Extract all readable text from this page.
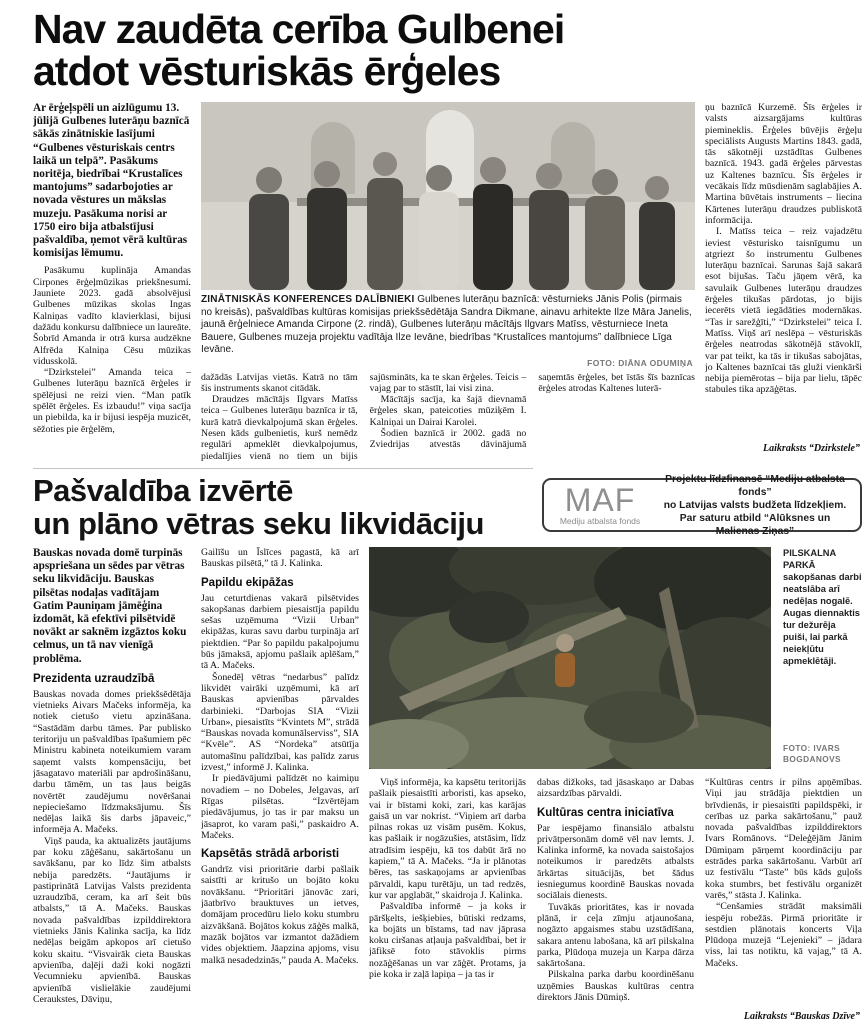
Nav zaudēta cerība Gulbenei
atdot vēsturiskās ērģeles

Ar ērģeļspēli un aizlūgumu 13. jūlijā Gulbenes luterāņu baznīcā sākās zinātniskie lasījumi “Gulbenes vēsturiskais centrs laikā un telpā”. Pasākums noritēja, biedrībai “Krustalīces mantojums” sadarbojoties ar novada vēstures un mākslas muzeju. Pasākuma norisi ar 1750 eiro bija atbalstījusi pašvaldība, ņemot vērā kultūras komisijas lēmumu.

Pasākumu kuplināja Amandas Cirpones ērģeļmūzikas priekšnesumi. Jauniete 2023. gadā absolvējusi Gulbenes mūzikas skolas Ingas Kalniņas vadīto klavierklasi, bijusi dažādu konkursu dalībniece un laureāte. Šobrīd Amanda ir otrā kursa audzēkne Alfrēda Kalniņa Cēsu mūzikas vidusskolā.

“Dzirkstelei” Amanda teica – Gulbenes luterāņu baznīcā ērģeles ir spēlējusi ne reizi vien. “Man patīk spēlēt ērģeles. Es izbaudu!” viņa sacīja un piebilda, ka ir bijusi iespēja muzicēt, sēžoties pie ērģelēm,

ZINĀTNISKĀS KONFERENCES DALĪBNIEKI Gulbenes luterāņu baznīcā: vēsturnieks Jānis Polis (pirmais no kreisās), pašvaldības kultūras komisijas priekšsēdētāja Sandra Dikmane, ainavu arhitekte Ilze Māra Janelis, jaunā ērģelniece Amanda Cirpone (2. rindā), Gulbenes luterāņu mācītājs Ilgvars Matīss, vēsturniece Ineta Bauere, Gulbenes muzeja projektu vadītāja Ilze Ievāne, biedrības “Krustalīces mantojums” dalībniece Līga Ievāne.
FOTO: DIĀNA ODUMIŅA

dažādās Latvijas vietās. Katrā no tām šis instruments skanot citādāk.

Draudzes mācītājs Ilgvars Matīss teica – Gulbenes luterāņu baznīca ir tā, kurā katrā dievkalpojumā skan ērģeles. Nesen kāds gulbenietis, kurš nemēdz regulāri apmeklēt dievkalpojumus, piedalījies vienā no tiem un bijis sajūsmināts, ka te skan ērģeles. Teicis – vajag par to stāstīt, lai visi zina.

Mācītājs sacīja, ka šajā dievnamā ērģeles skan, pateicoties mūziķēm I. Kalniņai un Dairai Karolei.

Šodien baznīcā ir 2002. gadā no Zviedrijas atvestās dāvinājumā saņemtās ērģeles, bet īstās šīs baznīcas ērģeles atrodas Kaltenes luterā-

ņu baznīcā Kurzemē. Šīs ērģeles ir valsts aizsargājams kultūras piemineklis. Ērģeles būvējis ērģeļu speciālists Augusts Martins 1843. gadā, tās sākotnēji uzstādītas Gulbenes baznīcā. 1943. gadā ērģeles pārvestas uz Kaltenes baznīcu. Šīs ērģeles ir vecākais līdz mūsdienām saglabājies A. Martina būvētais instruments – liecina Kārtenes luterāņu draudzes publiskotā informācija.

I. Matīss teica – reiz vajadzētu ieviest vēsturisko taisnīgumu un atgriezt šo instrumentu Gulbenes luterāņu baznīcai. Sarunas šajā sakarā esot bijušas. Taču jāņem vērā, ka savulaik Gulbenes luterāņu draudzes ērģeles tikušas pārdotas, jo bijis iecerēts vietā iegādāties modernākas. “Tas ir sarežģīti,” “Dzirkstelei” teica I. Matīss. Viņš arī neslēpa – vēsturiskās ērģeles neatrodas sākotnējā stāvoklī, var pat teikt, ka tās ir tikušas sabojātas, jo Kaltenes baznīcai tās gluži vienkārši nebija piemērotas – bija par lielu, tāpēc stabules tika apzāģētas.

Laikraksts “Dzirkstele”
Pašvaldība izvērtē
un plāno vētras seku likvidāciju
MAF
Mediju atbalsta fonds
Projektu līdzfinansē “Mediju atbalsta fonds”
no Latvijas valsts budžeta līdzekļiem.
Par saturu atbild “Alūksnes un Malienas Ziņas”

Bauskas novada domē turpinās apspriešana un sēdes par vētras seku likvidāciju. Bauskas pilsētas nodaļas vadītājam Gatim Pauniņam jāmēģina izdomāt, kā efektīvi pilsētvidē novākt ar saknēm izgāztos koku celmus, un tā nav vienīgā problēma.

Prezidenta uzraudzībā

Bauskas novada domes priekšsēdētāja vietnieks Aivars Mačeks informēja, ka notiek cietušo vietu apzināšana. “Sastādām darbu tāmes. Par publisko teritoriju un pašvaldības īpašumiem pēc Ministru kabineta noteikumiem varam saņemt valsts kompensāciju, bet jāsagatavo materiāli par apdrošināšanu, darbu tāmēm, un tas ļaus beigās novērtēt zaudējumu novēršanai nepieciešamo līdzmaksājumu. Šīs nedēļas laikā šis darbs jāpaveic,” informēja A. Mačeks.

Viņš pauda, ka aktualizēts jautājums par koku zāģēšanu, sakārtošanu un savākšanu, par ko līdz šim atbalsts nebija paredzēts. “Jautājums ir pastiprinātā Latvijas Valsts prezidenta uzraudzībā, ceram, ka arī šeit būs atbalsts,” tā A. Mačeks. Bauskas novada pašvaldības izpilddirektora vietnieks Jānis Kalinka sacīja, ka līdz nedēļas beigām apkopos arī cietušo koku skaitu. “Visvairāk cieta Bauskas apvienība, daļēji daži koki nogāzti Vecumnieku apvienībā. Bauskas apvienībā vislielākie zaudējumi Ceraukstes, Dāviņu,

Gailīšu un Īslīces pagastā, kā arī Bauskas pilsētā,” tā J. Kalinka.

Papildu ekipāžas

Jau ceturtdienas vakarā pilsētvides sakopšanas darbiem piesaistīja papildu sešas uzņēmuma “Vizii Urban” ekipāžas, kuras savu darbu turpināja arī piektdien. “Par šo papildu pakalpojumu būs jāmaksā, apjomu pašlaik aplēšam,” tā A. Mačeks.

Šonedēļ vētras “nedarbus” palīdz likvidēt vairāki uzņēmumi, kā arī Bauskas apvienības pārvaldes darbinieki. “Darbojas SIA “Vizii Urban», piesaistīts “Kvintets M”, strādā “Bauskas novada komunālserviss”, SIA “Kvēle”. AS “Nordeka” atsūtīja automašīnu palīdzībai, kas palīdz zarus izvest,” informē J. Kalinka.

Ir piedāvājumi palīdzēt no kaimiņu novadiem – no Dobeles, Jelgavas, arī Rīgas pilsētas. “Izvērtējam piedāvājumus, jo tas ir par maksu un jāsaprot, ko varam paši,” paskaidro A. Mačeks.

Kapsētās strādā arboristi

Gandrīz visi prioritārie darbi pašlaik saistīti ar kritušo un bojāto koku novākšanu. “Prioritāri jānovāc zari, jāatbrīvo brauktuves un ietves, domājam procedūru lielo koku stumbru aizvākšanā. Bojātos kokus zāģēs malkā, mazāk bojātos var izmantot dažādiem vides objektiem. Jāapzina apjoms, visu malkā nesadedzinās,” pauda A. Mačeks.

PILSKALNA PARKĀ sakopšanas darbi neatslāba arī nedēļas nogalē. Augas diennaktis tur dežurēja puiši, lai parkā neiekļūtu apmeklētāji.
FOTO: IVARS BOGDANOVS

Viņš informēja, ka kapsētu teritorijās pašlaik piesaistīti arboristi, kas apseko, vai ir bīstami koki, zari, kas karājas gaisā un var nokrist. “Viņiem arī darba pilnas rokas uz visām pusēm. Kokus, kas pašlaik ir nogāzušies, atstāsim, līdz atradīsim iespēju, kā tos dabūt ārā no kapiem,” tā A. Mačeks. “Ja ir plānotas bēres, tas saskaņojams ar apvienības pārvaldi, kapu turētāju, un tad redzēs, kur var apglabāt,” skaidroja J. Kalinka.

Pašvaldība informē – ja koks ir pāršķelts, iešķiebies, būtiski redzams, ka bojāts un bīstams, tad nav jāprasa koku ciršanas atļauja pašvaldībai, bet ir jāfiksē foto stāvoklis pirms nozāģēšanas un var zāģēt. Protams, ja pie koka ir zaļā lapiņa – ja tas ir

dabas dižkoks, tad jāsaskaņo ar Dabas aizsardzības pārvaldi.

Kultūras centra iniciatīva

Par iespējamo finansiālo atbalstu privātpersonām domē vēl nav lemts. J. Kalinka informē, ka novada saistošajos noteikumos ir paredzēts atbalsts ārkārtas situācijās, bet šādus iesniegumus koordinē Bauskas novada sociālais dienests.

Tuvākās prioritātes, kas ir novada plānā, ir ceļa zīmju atjaunošana, nogāzto apgaismes stabu uzstādīšana, sakara antenu labošana, kā arī pilskalna parka, Plūdoņa muzeja un Karpa dārza sakārtošana.

Pilskalna parka darbu koordinēšanu uzņēmies Bauskas kultūras centra direktors Jānis Dūmiņš.

“Kultūras centrs ir pilns apņēmības. Viņi jau strādāja piektdien un brīvdienās, ir piesaistīti papildspēki, ir cerības uz parka sakārtošanu,” pauž novada pašvaldības izpilddirektors Ivars Romānovs. “Deleģējām Jānim Dūmiņam pārņemt koordināciju par estrādes parka sakārtošanu. Varbūt arī uz festivālu “Taste” būs kāds guļošs koka stumbrs, bet festivālu organizēt varēs,” stāsta J. Kalinka.

“Cenšamies strādāt maksimāli iespēju robežās. Pirmā prioritāte ir sestdien plānotais koncerts Viļa Plūdoņa muzejā “Lejenieki” – jādara viss, lai tas notiktu, kā vajag,” tā A. Mačeks.

Laikraksts “Bauskas Dzīve”
